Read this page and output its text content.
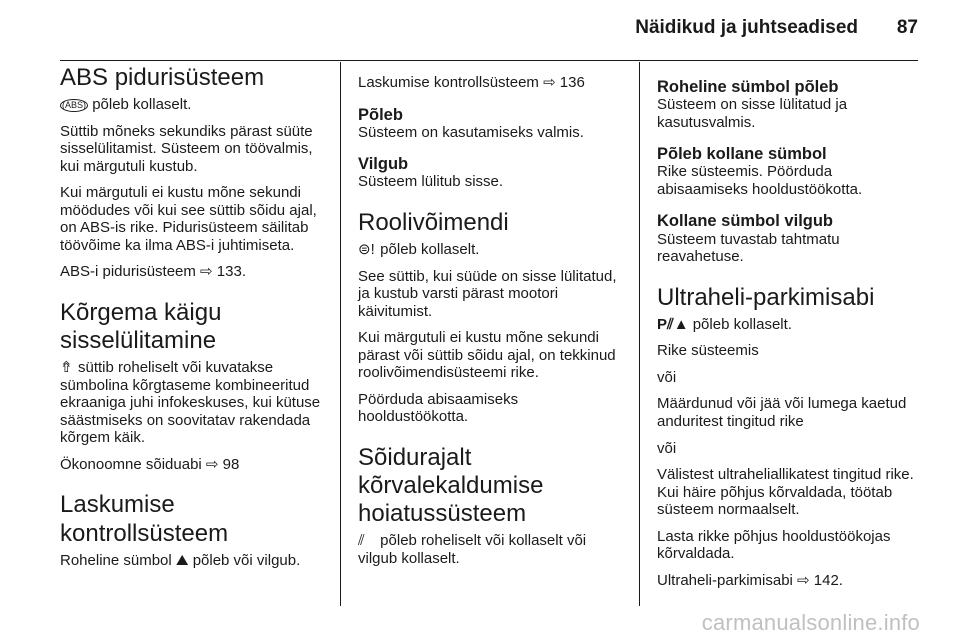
Näidikud ja juhtseadised 87
ABS pidurisüsteem

(ABS) põleb kollaselt.

Süttib mõneks sekundiks pärast süüte sisselülitamist. Süsteem on töövalmis, kui märgutuli kustub.

Kui märgutuli ei kustu mõne sekundi möödudes või kui see süttib sõidu ajal, on ABS-is rike. Pidurisüsteem säilitab töövõime ka ilma ABS-i juhtimiseta.

ABS-i pidurisüsteem ⇨ 133.

Kõrgema käigu sisselülitamine

⇮ süttib roheliselt või kuvatakse sümbolina kõrgtaseme kombineeritud ekraaniga juhi infokeskuses, kui kütuse säästmiseks on soovitatav rakendada kõrgem käik.

Ökonoomne sõiduabi ⇨ 98

Laskumise kontrollsüsteem

Roheline sümbol ⛰ põleb või vilgub.

Laskumise kontrollsüsteem ⇨ 136

Põleb

Süsteem on kasutamiseks valmis.

Vilgub

Süsteem lülitub sisse.

Roolivõimendi

⊜! põleb kollaselt.

See süttib, kui süüde on sisse lülitatud, ja kustub varsti pärast mootori käivitumist.

Kui märgutuli ei kustu mõne sekundi pärast või süttib sõidu ajal, on tekkinud roolivõimendisüsteemi rike.

Pöörduda abisaamiseks hooldustöökotta.

Sõidurajalt kõrvalekaldumise hoiatussüsteem

⫽ põleb roheliselt või kollaselt või vilgub kollaselt.

Roheline sümbol põleb

Süsteem on sisse lülitatud ja kasutusvalmis.

Põleb kollane sümbol

Rike süsteemis. Pöörduda abisaamiseks hooldustöökotta.

Kollane sümbol vilgub

Süsteem tuvastab tahtmatu reavahetuse.

Ultraheli-parkimisabi

P⫽▲ põleb kollaselt.

Rike süsteemis

või

Määrdunud või jää või lumega kaetud anduritest tingitud rike

või

Välistest ultraheliallikatest tingitud rike. Kui häire põhjus kõrvaldada, töötab süsteem normaalselt.

Lasta rikke põhjus hooldustöökojas kõrvaldada.

Ultraheli-parkimisabi ⇨ 142.

carmanualsonline.info
